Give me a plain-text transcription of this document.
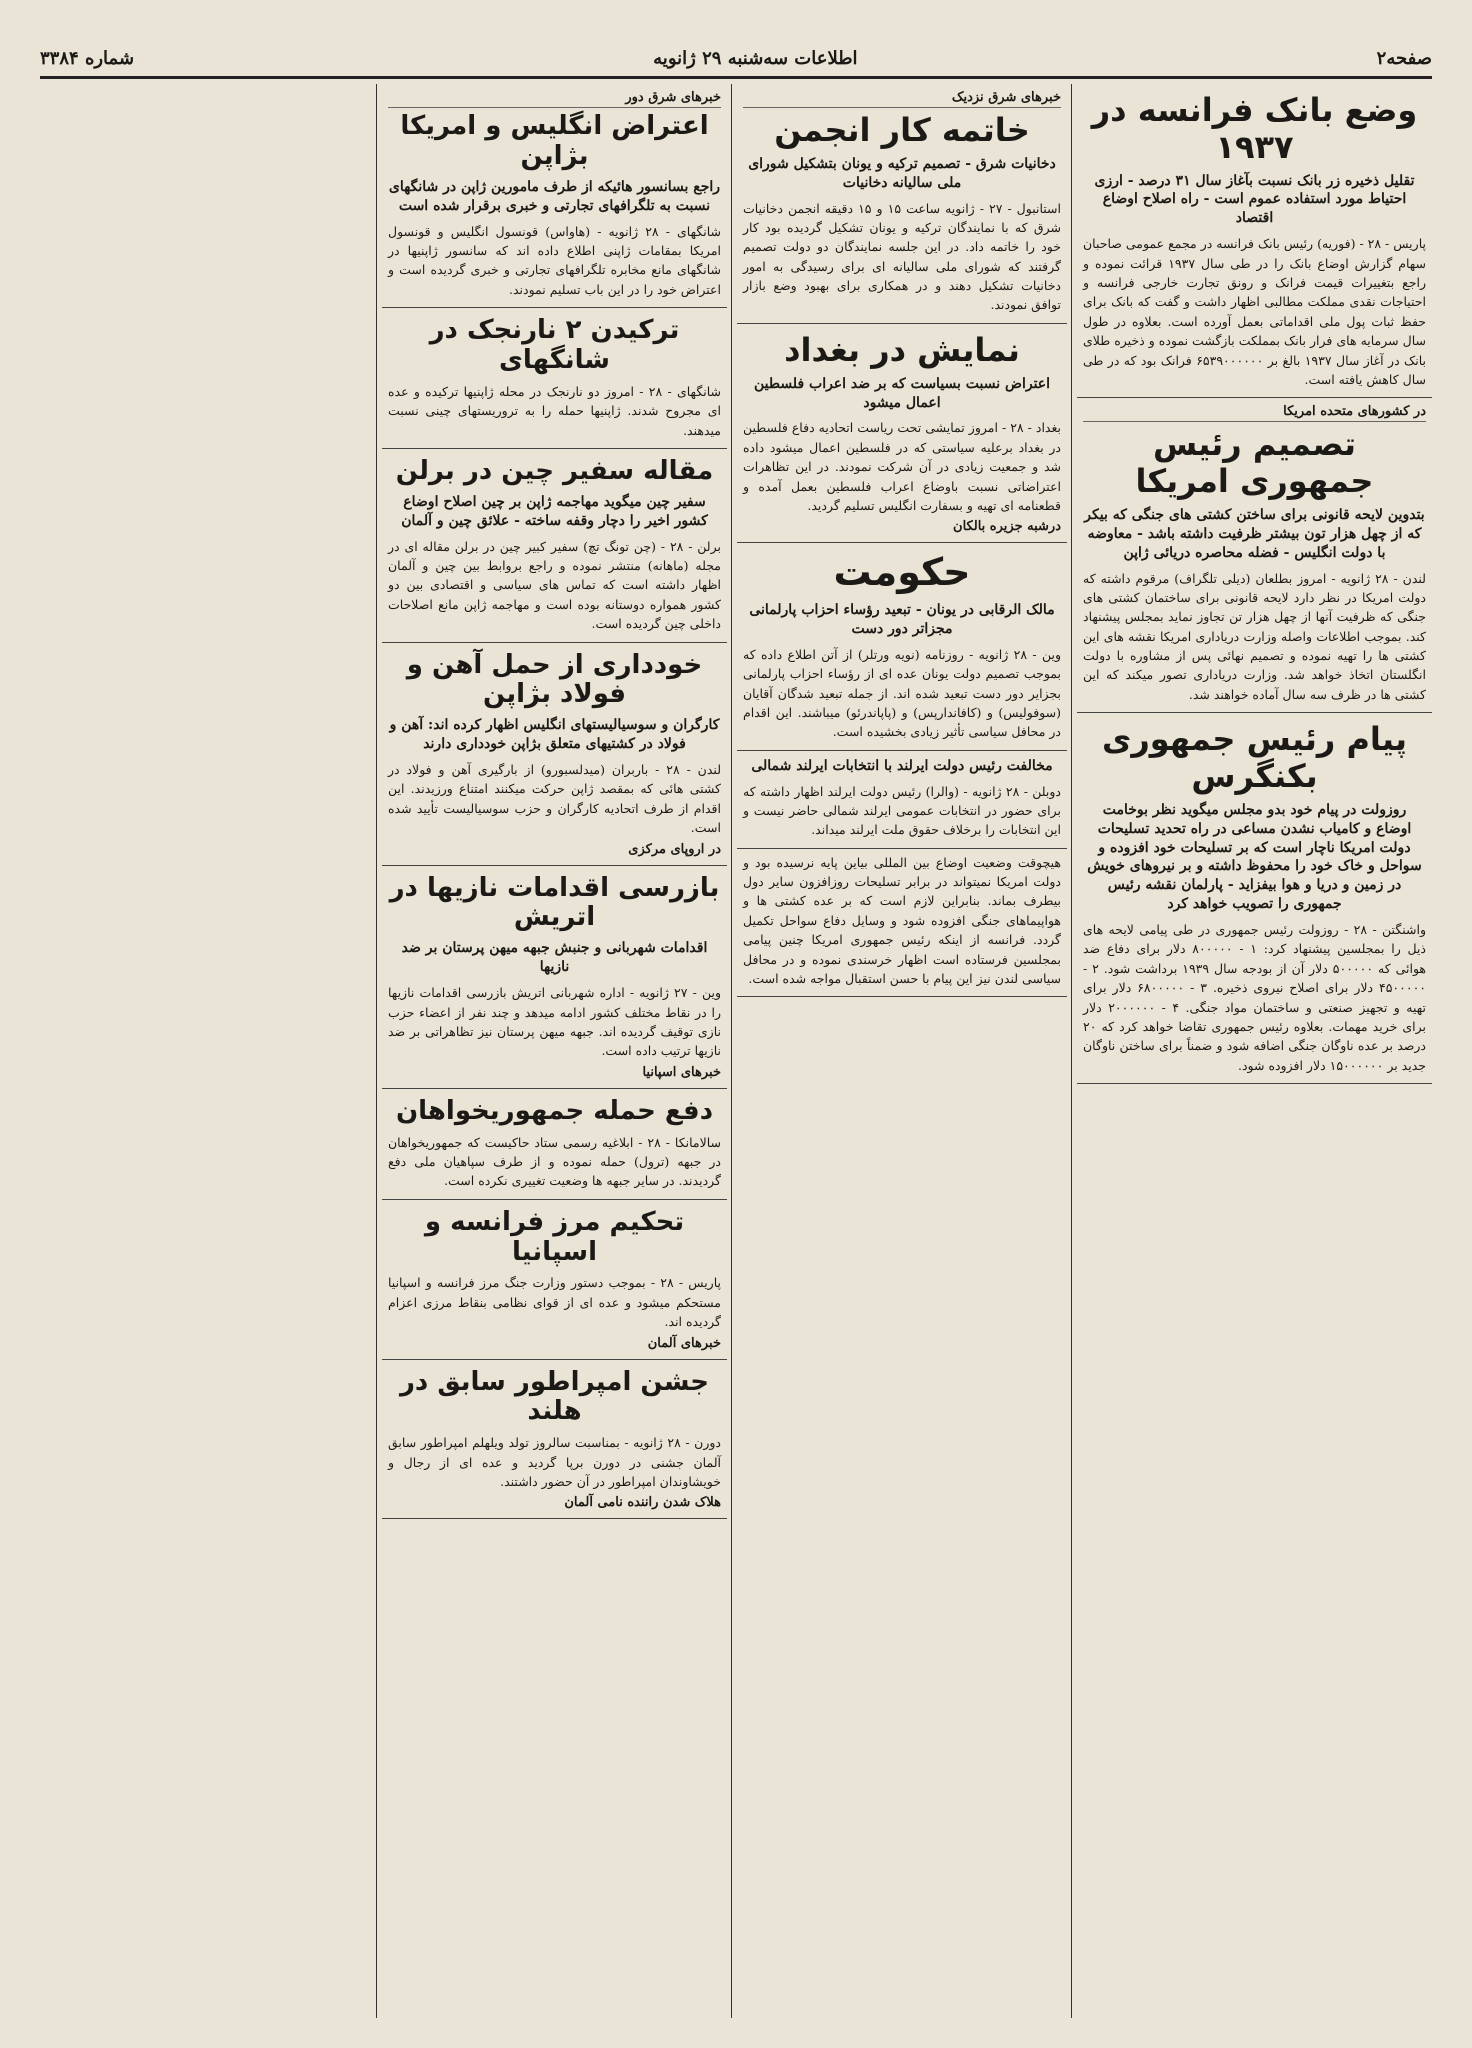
صفحه۲
اطلاعات سه‌شنبه ۲۹ ژانویه
شماره ۳۳۸۴
وضع بانک فرانسه در ۱۹۳۷
تقلیل ذخیره زر بانک نسبت بآغاز سال ۳۱ درصد - ارزی احتیاط مورد استفاده عموم است - راه اصلاح اوضاع اقتصاد
پاریس - ۲۸ - (فوریه) رئیس بانک فرانسه در مجمع عمومی صاحبان سهام گزارش اوضاع بانک را در طی سال ۱۹۳۷ قرائت نموده و راجع بتغییرات قیمت فرانک و رونق تجارت خارجی فرانسه و احتیاجات نقدی مملکت مطالبی اظهار داشت و گفت که بانک برای حفظ ثبات پول ملی اقداماتی بعمل آورده است. بعلاوه در طول سال سرمایه های فرار بانک بمملکت بازگشت نموده و ذخیره طلای بانک در آغاز سال ۱۹۳۷ بالغ بر ۶۵۳۹۰۰۰۰۰۰ فرانک بود که در طی سال کاهش یافته است.
در کشورهای متحده امریکا
تصمیم رئیس جمهوری امریکا
بتدوین لایحه قانونی برای ساختن کشتی های جنگی که بیکر که از چهل هزار تون بیشتر ظرفیت داشته باشد - معاوضه با دولت انگلیس - فضله محاصره دریائی ژاپن
لندن - ۲۸ ژانویه - امروز بطلعان (دیلی تلگراف) مرقوم داشته که دولت امریکا در نظر دارد لایحه قانونی برای ساختمان کشتی های جنگی که ظرفیت آنها از چهل هزار تن تجاوز نماید بمجلس پیشنهاد کند. بموجب اطلاعات واصله وزارت دریاداری امریکا نقشه های این کشتی ها را تهیه نموده و تصمیم نهائی پس از مشاوره با دولت انگلستان اتخاذ خواهد شد. وزارت دریاداری تصور میکند که این کشتی ها در ظرف سه سال آماده خواهند شد.
پیام رئیس جمهوری بکنگرس
روزولت در پیام خود بدو مجلس میگوید نظر بوخامت اوضاع و کامیاب نشدن مساعی در راه تحدید تسلیحات دولت امریکا ناچار است که بر تسلیحات خود افزوده و سواحل و خاک خود را محفوظ داشته و بر نیروهای خویش در زمین و دریا و هوا بیفزاید - پارلمان نقشه رئیس جمهوری را تصویب خواهد کرد
واشنگتن - ۲۸ - روزولت رئیس جمهوری در طی پیامی لایحه های ذیل را بمجلسین پیشنهاد کرد: ۱ - ۸۰۰۰۰۰ دلار برای دفاع ضد هوائی که ۵۰۰۰۰۰ دلار آن از بودجه سال ۱۹۳۹ برداشت شود. ۲ - ۴۵۰۰۰۰۰ دلار برای اصلاح نیروی ذخیره. ۳ - ۶۸۰۰۰۰۰ دلار برای تهیه و تجهیز صنعتی و ساختمان مواد جنگی. ۴ - ۲۰۰۰۰۰۰ دلار برای خرید مهمات. بعلاوه رئیس جمهوری تقاضا خواهد کرد که ۲۰ درصد بر عده ناوگان جنگی اضافه شود و ضمناً برای ساختن ناوگان جدید بر ۱۵۰۰۰۰۰۰ دلار افزوده شود.
خبرهای شرق نزدیک
خاتمه کار انجمن
دخانیات شرق - تصمیم ترکیه و یونان بتشکیل شورای ملی سالیانه دخانیات
استانبول - ۲۷ - ژانویه ساعت ۱۵ و ۱۵ دقیقه انجمن دخانیات شرق که با نمایندگان ترکیه و یونان تشکیل گردیده بود کار خود را خاتمه داد. در این جلسه نمایندگان دو دولت تصمیم گرفتند که شورای ملی سالیانه ای برای رسیدگی به امور دخانیات تشکیل دهند و در همکاری برای بهبود وضع بازار توافق نمودند.
نمایش در بغداد
اعتراض نسبت بسیاست که بر ضد اعراب فلسطین اعمال میشود
بغداد - ۲۸ - امروز تمایشی تحت ریاست اتحادیه دفاع فلسطین در بغداد برعلیه سیاستی که در فلسطین اعمال میشود داده شد و جمعیت زیادی در آن شرکت نمودند. در این تظاهرات اعتراضاتی نسبت باوضاع اعراب فلسطین بعمل آمده و قطعنامه ای تهیه و بسفارت انگلیس تسلیم گردید.
درشبه جزیره بالکان
حکومت
مالک الرقابی در یونان - تبعید رؤساء احزاب پارلمانی مجزاتر دور دست
وین - ۲۸ ژانویه - روزنامه (نویه ورتلر) از آتن اطلاع داده که بموجب تصمیم دولت یونان عده ای از رؤساء احزاب پارلمانی بجزایر دور دست تبعید شده اند. از جمله تبعید شدگان آقایان (سوفولیس) و (کافاندارپس) و (پاپاندرئو) میباشند. این اقدام در محافل سیاسی تأثیر زیادی بخشیده است.
مخالفت رئیس دولت ایرلند با انتخابات ایرلند شمالی
دوبلن - ۲۸ ژانویه - (والرا) رئیس دولت ایرلند اظهار داشته که برای حضور در انتخابات عمومی ایرلند شمالی حاضر نیست و این انتخابات را برخلاف حقوق ملت ایرلند میداند.
هیچوقت وضعیت اوضاع بین المللی بیاین پایه نرسیده بود و دولت امریکا نمیتواند در برابر تسلیحات روزافزون سایر دول بیطرف بماند. بنابراین لازم است که بر عده کشتی ها و هواپیماهای جنگی افزوده شود و وسایل دفاع سواحل تکمیل گردد. فرانسه از اینکه رئیس جمهوری امریکا چنین پیامی بمجلسین فرستاده است اظهار خرسندی نموده و در محافل سیاسی لندن نیز این پیام با حسن استقبال مواجه شده است.
خبرهای شرق دور
اعتراض انگلیس و امریکا بژاپن
راجع بسانسور هائیکه از طرف مامورین ژاپن در شانگهای نسبت به تلگرافهای تجارتی و خبری برقرار شده است
شانگهای - ۲۸ ژانویه - (هاواس) قونسول انگلیس و قونسول امریکا بمقامات ژاپنی اطلاع داده اند که سانسور ژاپنیها در شانگهای مانع مخابره تلگرافهای تجارتی و خبری گردیده است و اعتراض خود را در این باب تسلیم نمودند.
ترکیدن ۲ نارنجک در شانگهای
شانگهای - ۲۸ - امروز دو نارنجک در محله ژاپنیها ترکیده و عده ای مجروح شدند. ژاپنیها حمله را به تروریستهای چینی نسبت میدهند.
مقاله سفیر چین در برلن
سفیر چین میگوید مهاجمه ژاپن بر چین اصلاح اوضاع کشور اخیر را دچار وقفه ساخته - علائق چین و آلمان
برلن - ۲۸ - (چن تونگ تچ) سفیر کبیر چین در برلن مقاله ای در مجله (ماهانه) منتشر نموده و راجع بروابط بین چین و آلمان اظهار داشته است که تماس های سیاسی و اقتصادی بین دو کشور همواره دوستانه بوده است و مهاجمه ژاپن مانع اصلاحات داخلی چین گردیده است.
خودداری از حمل آهن و فولاد بژاپن
کارگران و سوسیالیستهای انگلیس اظهار کرده اند: آهن و فولاد در کشتیهای متعلق بژاپن خودداری دارند
لندن - ۲۸ - باربران (میدلسبورو) از بارگیری آهن و فولاد در کشتی هائی که بمقصد ژاپن حرکت میکنند امتناع ورزیدند. این اقدام از طرف اتحادیه کارگران و حزب سوسیالیست تأیید شده است.
در اروپای مرکزی
بازرسی اقدامات نازیها در اتریش
اقدامات شهربانی و جنبش جبهه میهن پرستان بر ضد نازیها
وین - ۲۷ ژانویه - اداره شهربانی اتریش بازرسی اقدامات نازیها را در نقاط مختلف کشور ادامه میدهد و چند نفر از اعضاء حزب نازی توقیف گردیده اند. جبهه میهن پرستان نیز تظاهراتی بر ضد نازیها ترتیب داده است.
خبرهای اسپانیا
دفع حمله جمهوریخواهان
سالامانکا - ۲۸ - ابلاغیه رسمی ستاد حاکیست که جمهوریخواهان در جبهه (ترول) حمله نموده و از طرف سپاهیان ملی دفع گردیدند. در سایر جبهه ها وضعیت تغییری نکرده است.
تحکیم مرز فرانسه و اسپانیا
پاریس - ۲۸ - بموجب دستور وزارت جنگ مرز فرانسه و اسپانیا مستحکم میشود و عده ای از قوای نظامی بنقاط مرزی اعزام گردیده اند.
خبرهای آلمان
جشن امپراطور سابق در هلند
دورن - ۲۸ ژانویه - بمناسبت سالروز تولد ویلهلم امپراطور سابق آلمان جشنی در دورن برپا گردید و عده ای از رجال و خویشاوندان امپراطور در آن حضور داشتند.
هلاک شدن راننده نامی آلمان
